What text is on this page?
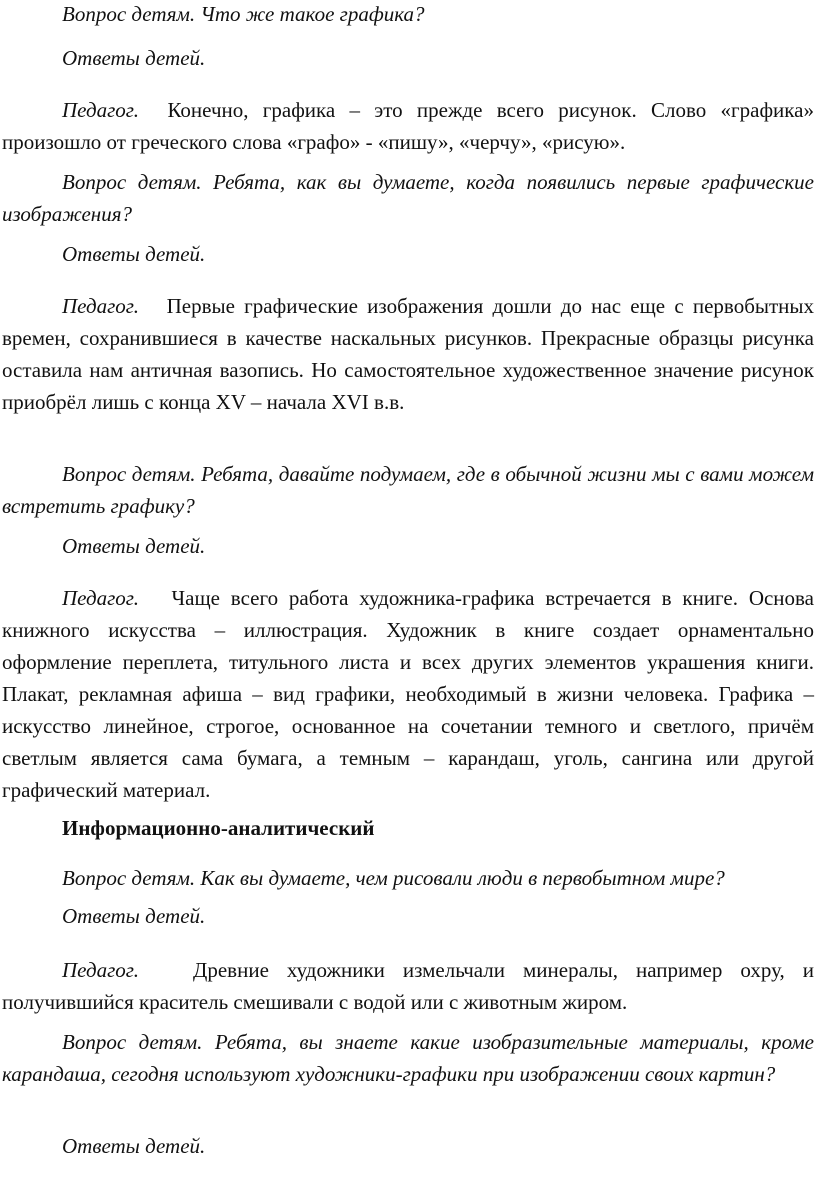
Вопрос детям. Что же такое графика?

Ответы детей.

Педагог. Конечно, графика – это прежде всего рисунок. Слово «графика» произошло от греческого слова «графо» - «пишу», «черчу», «рисую».

Вопрос детям. Ребята, как вы думаете, когда появились первые графические изображения?

Ответы детей.

Педагог. Первые графические изображения дошли до нас еще с первобытных времен, сохранившиеся в качестве наскальных рисунков. Прекрасные образцы рисунка оставила нам античная вазопись. Но самостоятельное художественное значение рисунок приобрёл лишь с конца XV – начала XVI в.в.

Вопрос детям. Ребята, давайте подумаем, где в обычной жизни мы с вами можем встретить графику?

Ответы детей.

Педагог. Чаще всего работа художника-графика встречается в книге. Основа книжного искусства – иллюстрация. Художник в книге создает орнаментально оформление переплета, титульного листа и всех других элементов украшения книги. Плакат, рекламная афиша – вид графики, необходимый в жизни человека. Графика – искусство линейное, строгое, основанное на сочетании темного и светлого, причём светлым является сама бумага, а темным – карандаш, уголь, сангина или другой графический материал.

Информационно-аналитический

Вопрос детям. Как вы думаете, чем рисовали люди в первобытном мире?

Ответы детей.

Педагог.	Древние художники измельчали минералы, например охру, и получившийся краситель смешивали с водой или с животным жиром.

Вопрос детям. Ребята, вы знаете какие изобразительные материалы, кроме карандаша, сегодня используют художники-графики при изображении своих картин?

Ответы детей.
